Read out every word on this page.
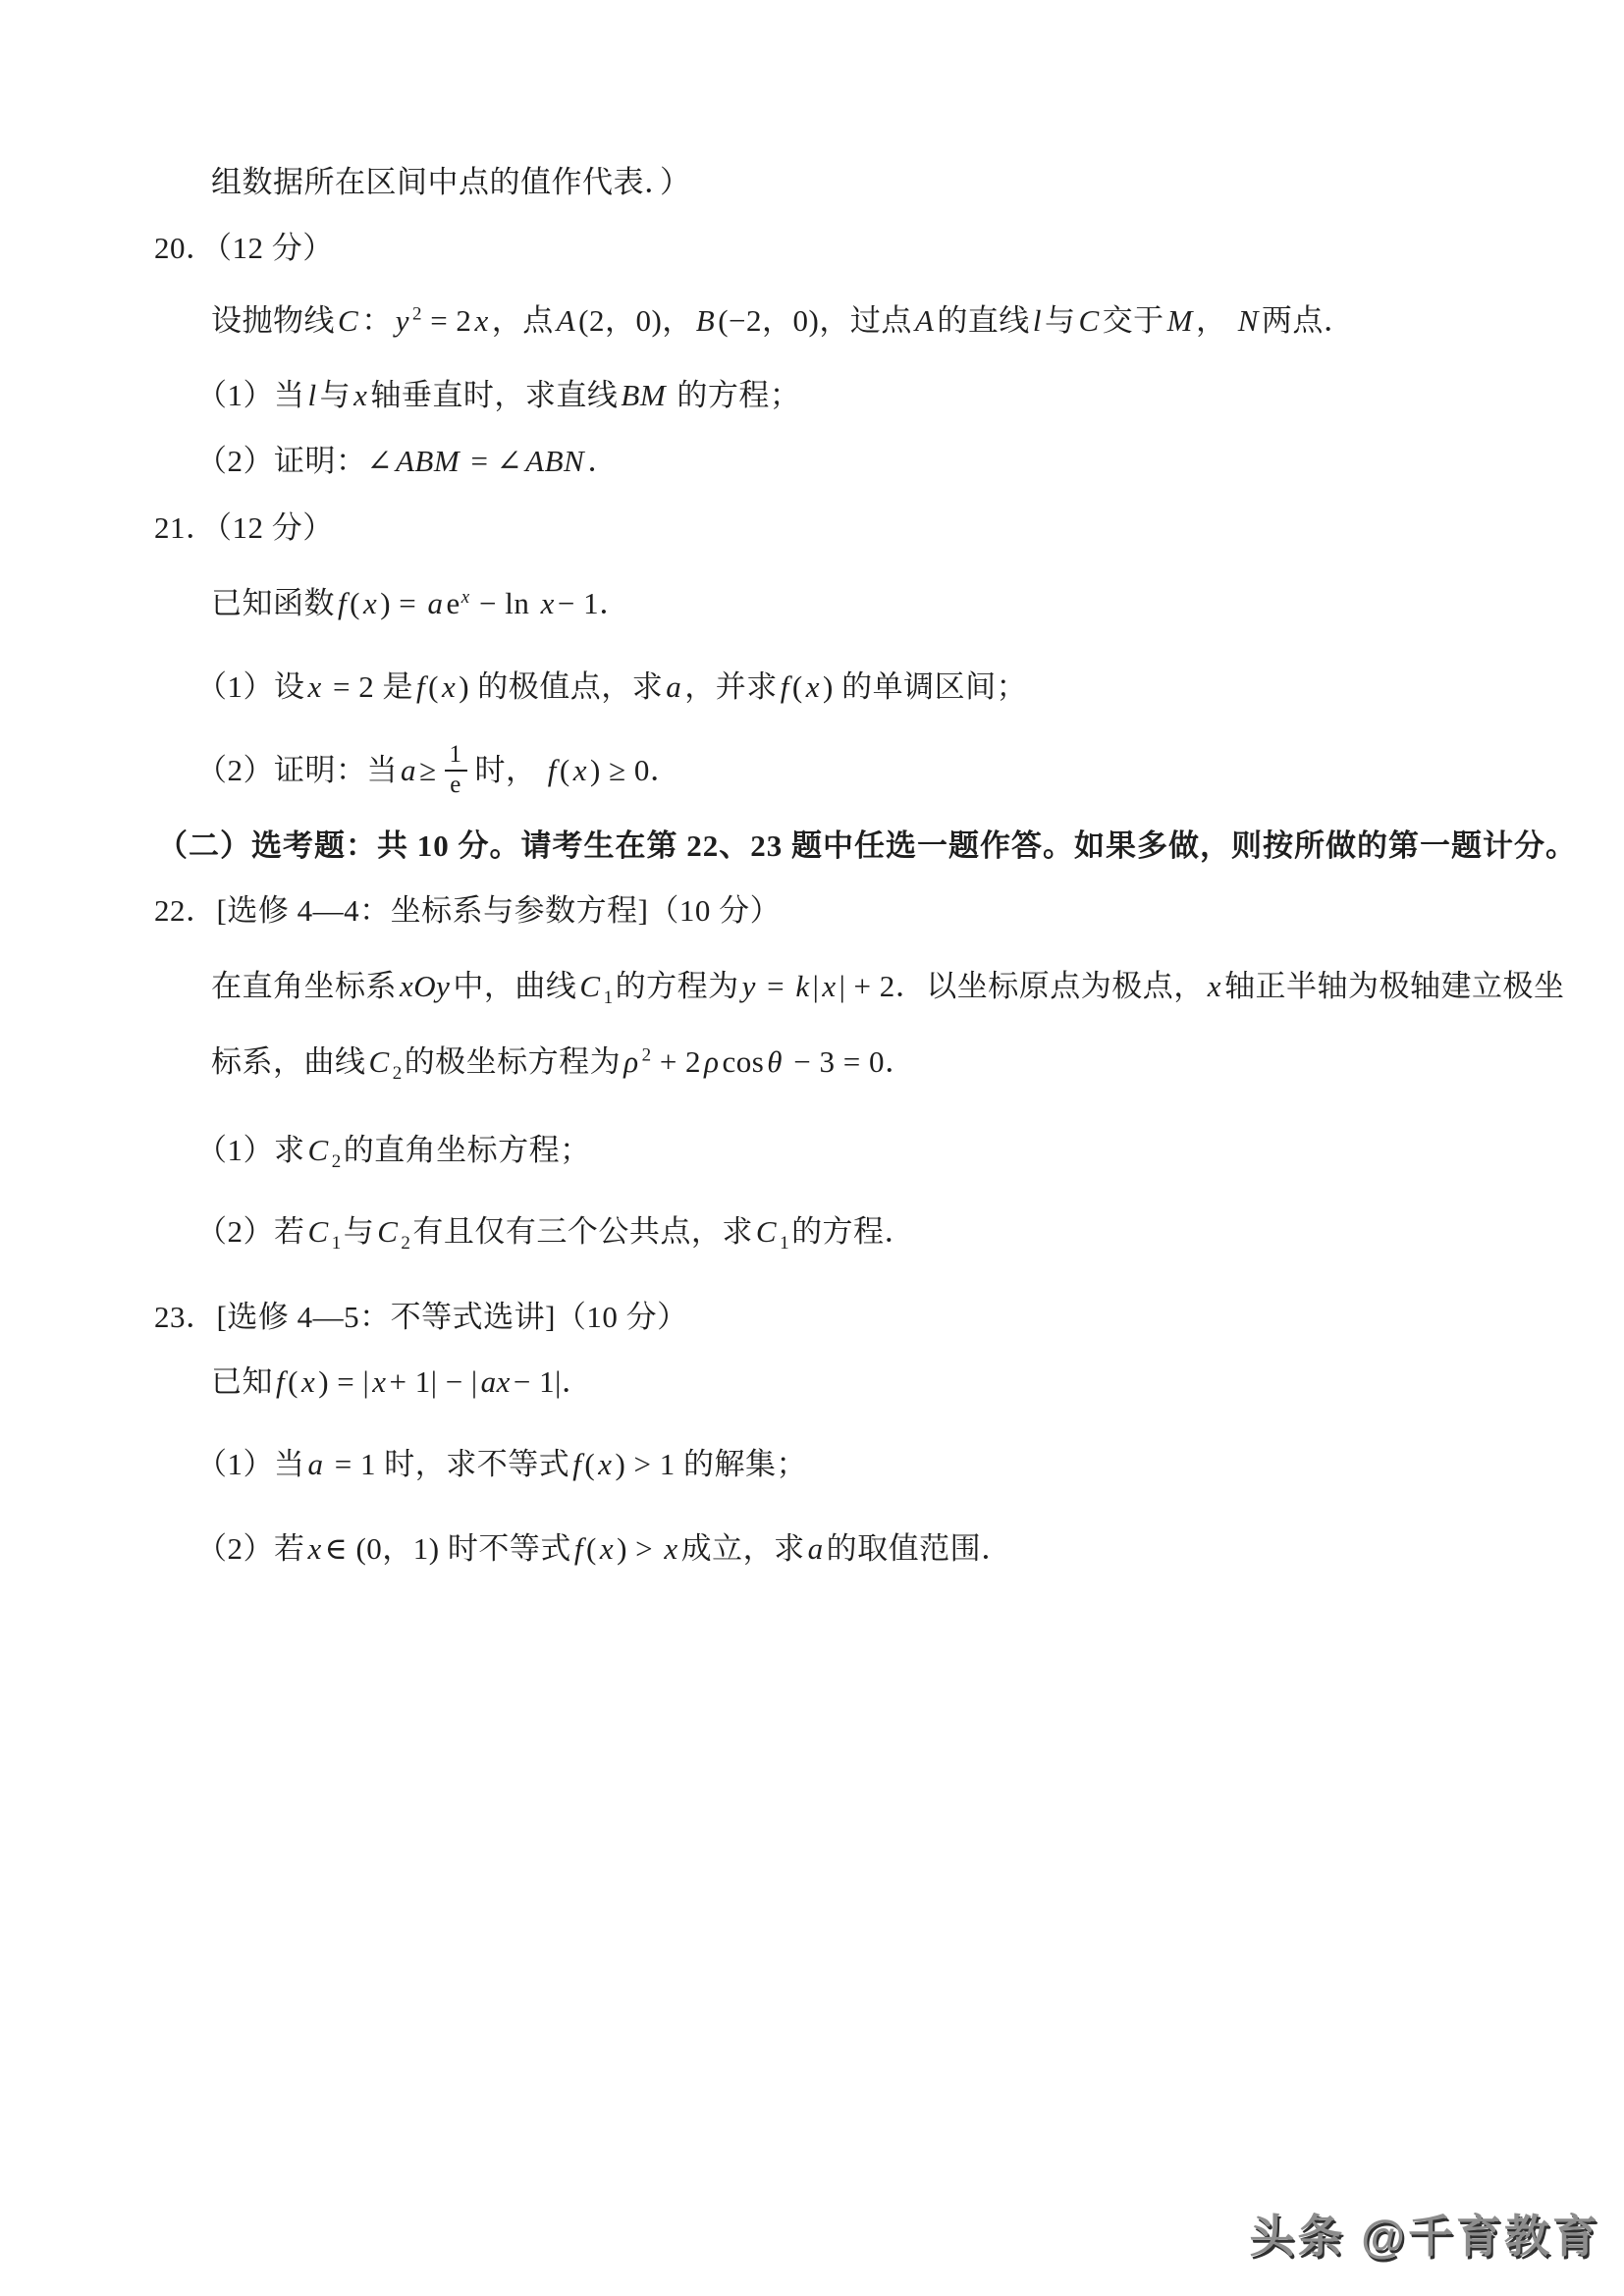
组数据所在区间中点的值作代表．）

20．（12 分）

设抛物线C：y $^2$ = 2x，点A(2，0)，B(−2，0)，过点A的直线l与C交于M， N两点．

（1）当l与x轴垂直时，求直线BM 的方程；

（2）证明：∠ABM = ∠ABN．

21．（12 分）

已知函数$f(x) = ae^x - \ln x- 1$．

（1）设x = 2 是f(x) 的极值点，求a，并求f(x) 的单调区间；

（2）证明：当$a\ge \frac{1}{e}$ 时， f(x) ≥ 0．

（二）选考题：共 10 分。请考生在第 22、23 题中任选一题作答。如果多做，则按所做的第一题计分。

22．[选修 4—4：坐标系与参数方程]（10 分）

在直角坐标系xOy中，曲线C $_1$的方程为y = k|x| + 2．以坐标原点为极点，x轴正半轴为极轴建立极坐

标系，曲线C $_2$的极坐标方程为ρ $^2$ + 2ρcosθ − 3 = 0．

（1）求C $_2$的直角坐标方程；

（2）若C $_1$与C $_2$有且仅有三个公共点，求C $_1$的方程．

23．[选修 4—5：不等式选讲]（10 分）

已知f(x) = |x+ 1| − |ax− 1|．

（1）当a = 1 时，求不等式f(x) > 1 的解集；

（2）若x∈ (0，1) 时不等式f(x) > x成立，求a的取值范围．

头条 @千育教育
